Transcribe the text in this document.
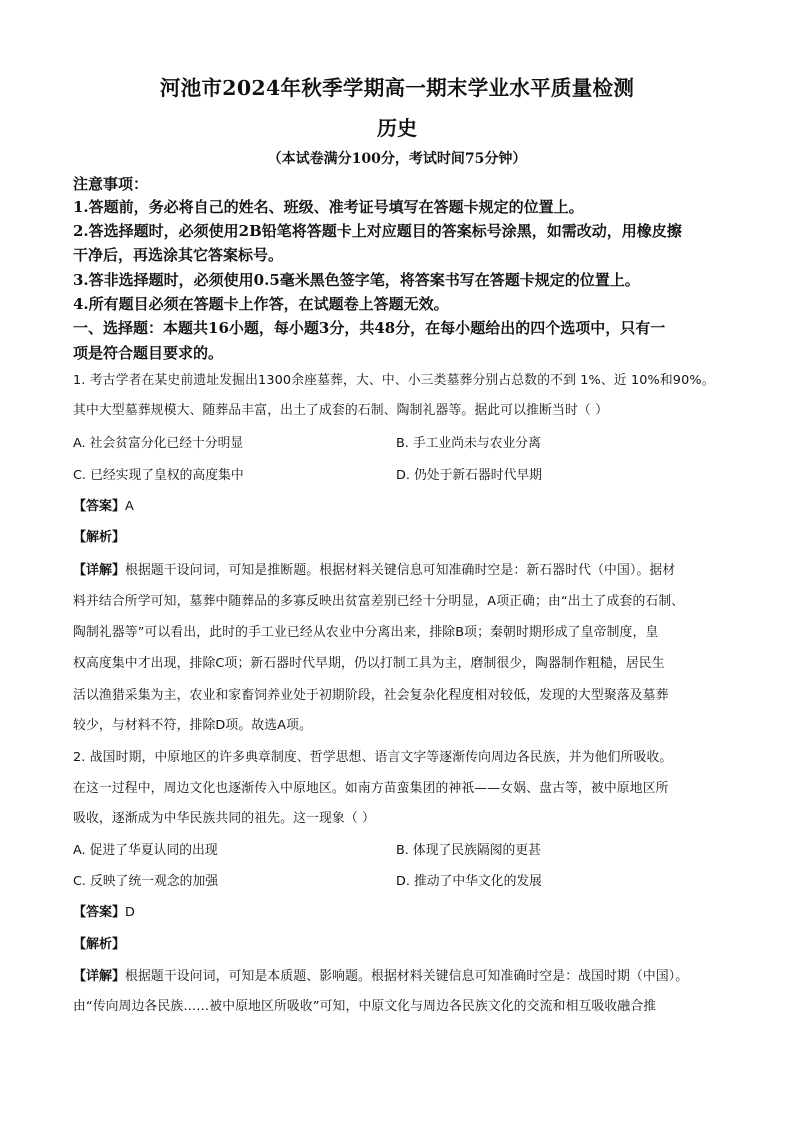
河池市2024年秋季学期高一期末学业水平质量检测
历史
（本试卷满分100分，考试时间75分钟）
注意事项：
1.答题前，务必将自己的姓名、班级、准考证号填写在答题卡规定的位置上。
2.答选择题时，必须使用2B铅笔将答题卡上对应题目的答案标号涂黑，如需改动，用橡皮擦
干净后，再选涂其它答案标号。
3.答非选择题时，必须使用0.5毫米黑色签字笔，将答案书写在答题卡规定的位置上。
4.所有题目必须在答题卡上作答，在试题卷上答题无效。
一、选择题：本题共16小题，每小题3分，共48分，在每小题给出的四个选项中，只有一
项是符合题目要求的。
1. 考古学者在某史前遗址发掘出1300余座墓葬，大、中、小三类墓葬分别占总数的不到 1%、近 10%和90%。
其中大型墓葬规模大、随葬品丰富，出土了成套的石制、陶制礼器等。据此可以推断当时（ ）
A. 社会贫富分化已经十分明显	B. 手工业尚未与农业分离
C. 已经实现了皇权的高度集中	D. 仍处于新石器时代早期
【答案】A
【解析】
【详解】根据题干设问词，可知是推断题。根据材料关键信息可知准确时空是：新石器时代（中国）。据材
料并结合所学可知，墓葬中随葬品的多寡反映出贫富差别已经十分明显，A项正确；由“出土了成套的石制、
陶制礼器等”可以看出，此时的手工业已经从农业中分离出来，排除B项；秦朝时期形成了皇帝制度，皇
权高度集中才出现，排除C项；新石器时代早期，仍以打制工具为主，磨制很少，陶器制作粗糙，居民生
活以渔猎采集为主，农业和家畜饲养业处于初期阶段，社会复杂化程度相对较低，发现的大型聚落及墓葬
较少，与材料不符，排除D项。故选A项。
2. 战国时期，中原地区的许多典章制度、哲学思想、语言文字等逐渐传向周边各民族，并为他们所吸收。
在这一过程中，周边文化也逐渐传入中原地区。如南方苗蛮集团的神祇——女娲、盘古等，被中原地区所
吸收，逐渐成为中华民族共同的祖先。这一现象（ ）
A. 促进了华夏认同的出现	B. 体现了民族隔阂的更甚
C. 反映了统一观念的加强	D. 推动了中华文化的发展
【答案】D
【解析】
【详解】根据题干设问词，可知是本质题、影响题。根据材料关键信息可知准确时空是：战国时期（中国）。
由“传向周边各民族……被中原地区所吸收”可知，中原文化与周边各民族文化的交流和相互吸收融合推
